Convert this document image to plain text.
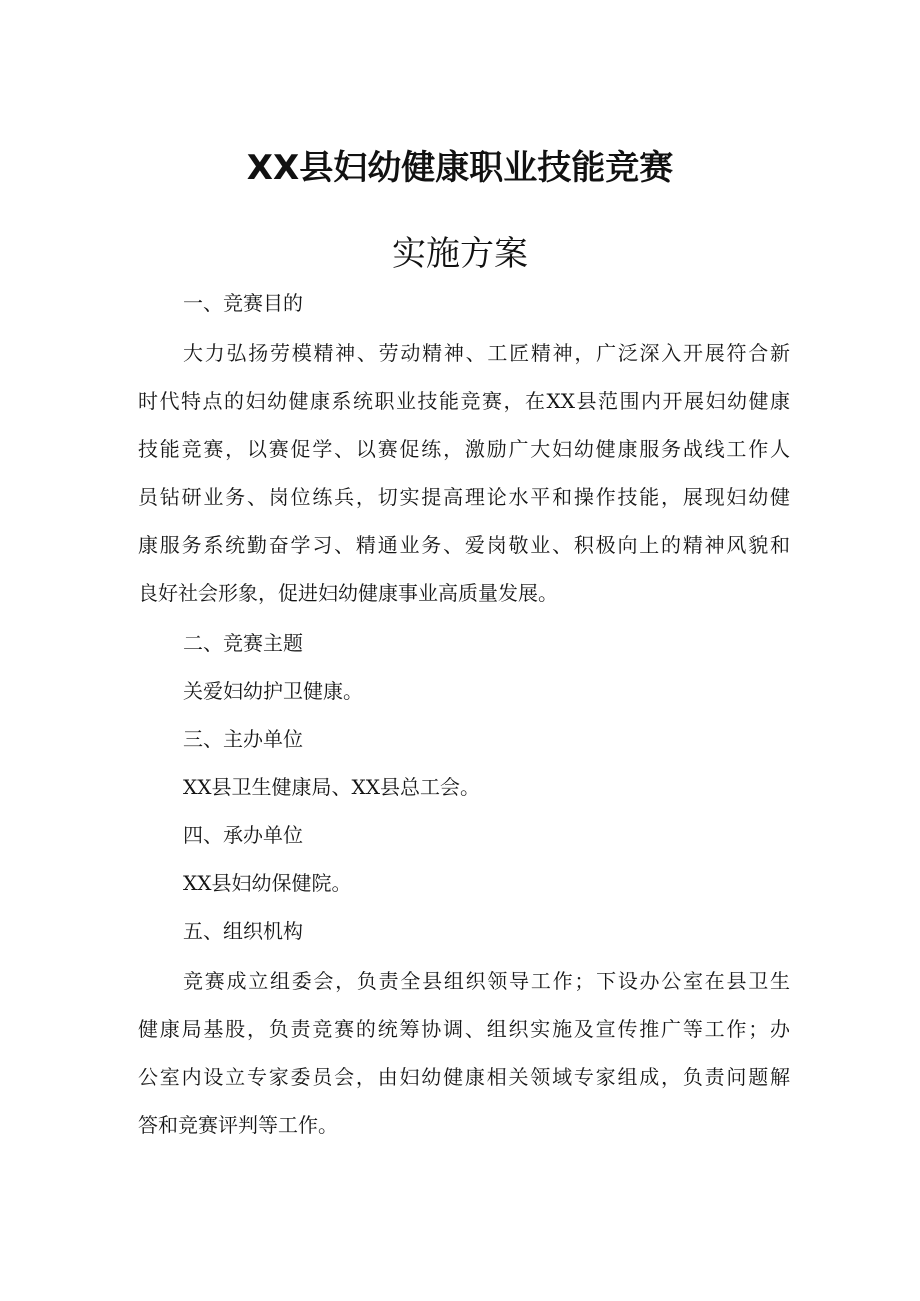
XX县妇幼健康职业技能竞赛
实施方案
一、竞赛目的
大力弘扬劳模精神、劳动精神、工匠精神，广泛深入开展符合新
时代特点的妇幼健康系统职业技能竞赛，在XX县范围内开展妇幼健康
技能竞赛，以赛促学、以赛促练，激励广大妇幼健康服务战线工作人
员钻研业务、岗位练兵，切实提高理论水平和操作技能，展现妇幼健
康服务系统勤奋学习、精通业务、爱岗敬业、积极向上的精神风貌和
良好社会形象，促进妇幼健康事业高质量发展。
二、竞赛主题
关爱妇幼护卫健康。
三、主办单位
XX县卫生健康局、XX县总工会。
四、承办单位
XX县妇幼保健院。
五、组织机构
竞赛成立组委会，负责全县组织领导工作；下设办公室在县卫生
健康局基股，负责竞赛的统筹协调、组织实施及宣传推广等工作；办
公室内设立专家委员会，由妇幼健康相关领域专家组成，负责问题解
答和竞赛评判等工作。
